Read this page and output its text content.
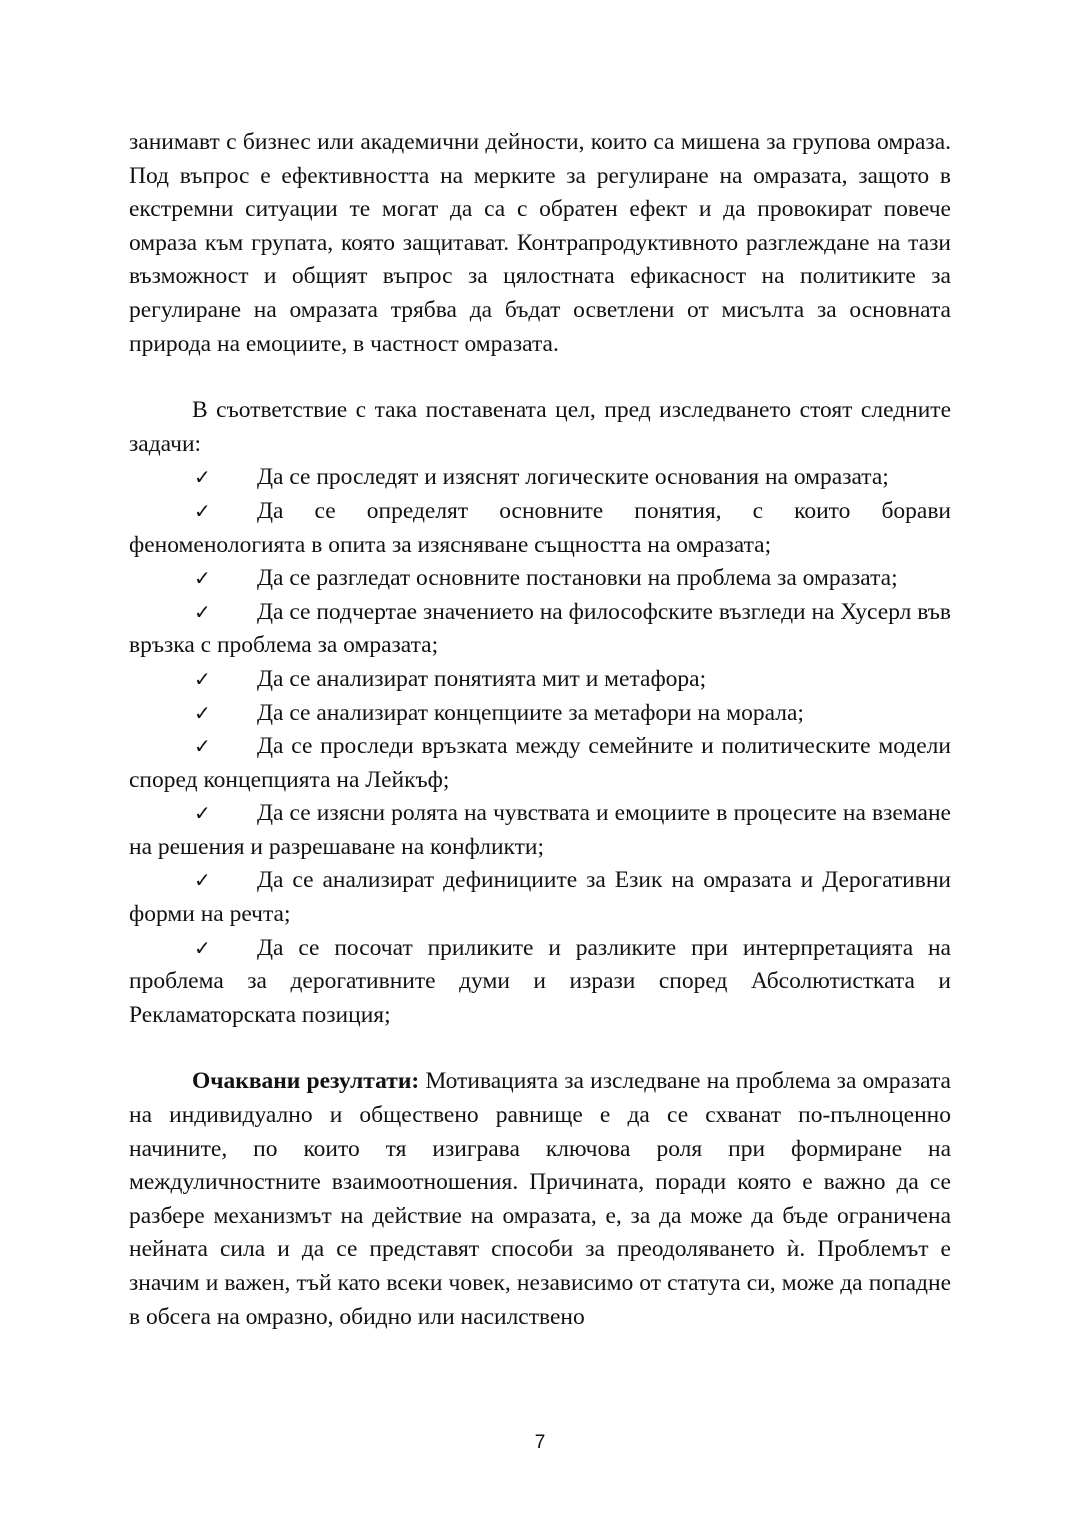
занимавт с бизнес или академични дейности, които са мишена за групова омраза. Под въпрос е ефективността на мерките за регулиране на омразата, защото в екстремни ситуации те могат да са с обратен ефект и да провокират повече омраза към групата, която защитават. Контрапродуктивното разглеждане на тази възможност и общият въпрос за цялостната ефикасност на политиките за регулиране на омразата трябва да бъдат осветлени от мисълта за основната природа на емоциите, в частност омразата.

В съответствие с така поставената цел, пред изследването стоят следните задачи:

✓ Да се проследят и изяснят логическите основания на омразата;
✓ Да се определят основните понятия, с които борави феноменологията в опита за изясняване същността на омразата;
✓ Да се разгледат основните постановки на проблема за омразата;
✓ Да се подчертае значението на философските възгледи на Хусерл във връзка с проблема за омразата;
✓ Да се анализират понятията мит и метафора;
✓ Да се анализират концепциите за метафори на морала;
✓ Да се проследи връзката между семейните и политическите модели според концепцията на Лейкъф;
✓ Да се изясни ролята на чувствата и емоциите в процесите на вземане на решения и разрешаване на конфликти;
✓ Да се анализират дефинициите за Език на омразата и Дерогативни форми на речта;
✓ Да се посочат приликите и разликите при интерпретацията на проблема за дерогативните думи и изрази според Абсолютистката и Рекламаторската позиция;

Очаквани резултати: Мотивацията за изследване на проблема за омразата на индивидуално и обществено равнище е да се схванат по-пълноценно начините, по които тя изиграва ключова роля при формиране на междуличностните взаимоотношения. Причината, поради която е важно да се разбере механизмът на действие на омразата, е, за да може да бъде ограничена нейната сила и да се представят способи за преодоляването ѝ. Проблемът е значим и важен, тъй като всеки човек, независимо от статута си, може да попадне в обсега на омразно, обидно или насилствено

7
